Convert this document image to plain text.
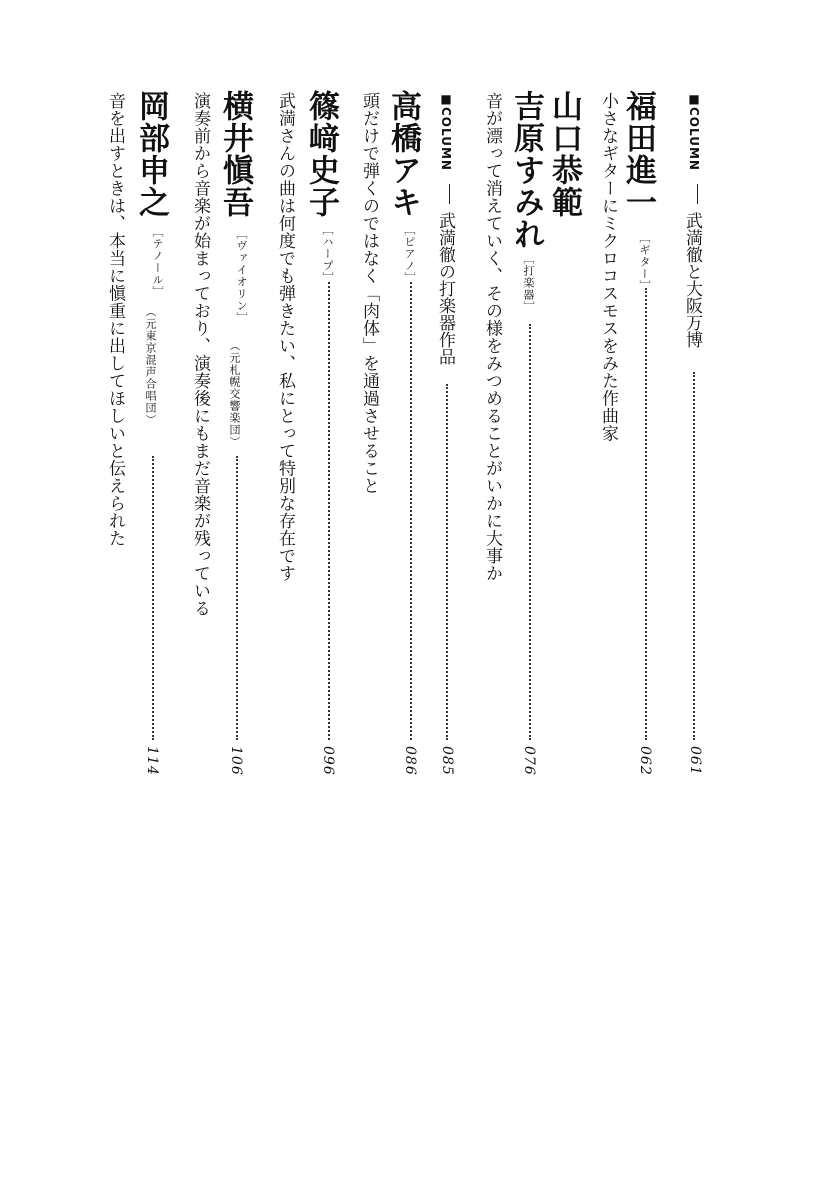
■COLUMN
武満徹と大阪万博
061
福田進一
［ギター］
062
小さなギターにミクロコスモスをみた作曲家
山口恭範
吉原すみれ
［打楽器］
076
音が漂って消えていく、その様をみつめることがいかに大事か
■COLUMN
武満徹の打楽器作品
085
高橋アキ
［ピアノ］
086
頭だけで弾くのではなく「肉体」を通過させること
篠﨑史子
［ハープ］
096
武満さんの曲は何度でも弾きたい、私にとって特別な存在です
横井愼吾
［ヴァイオリン］
（元札幌交響楽団）
106
演奏前から音楽が始まっており、演奏後にもまだ音楽が残っている
岡部申之
［テノール］
（元東京混声合唱団）
114
音を出すときは、本当に愼重に出してほしいと伝えられた
